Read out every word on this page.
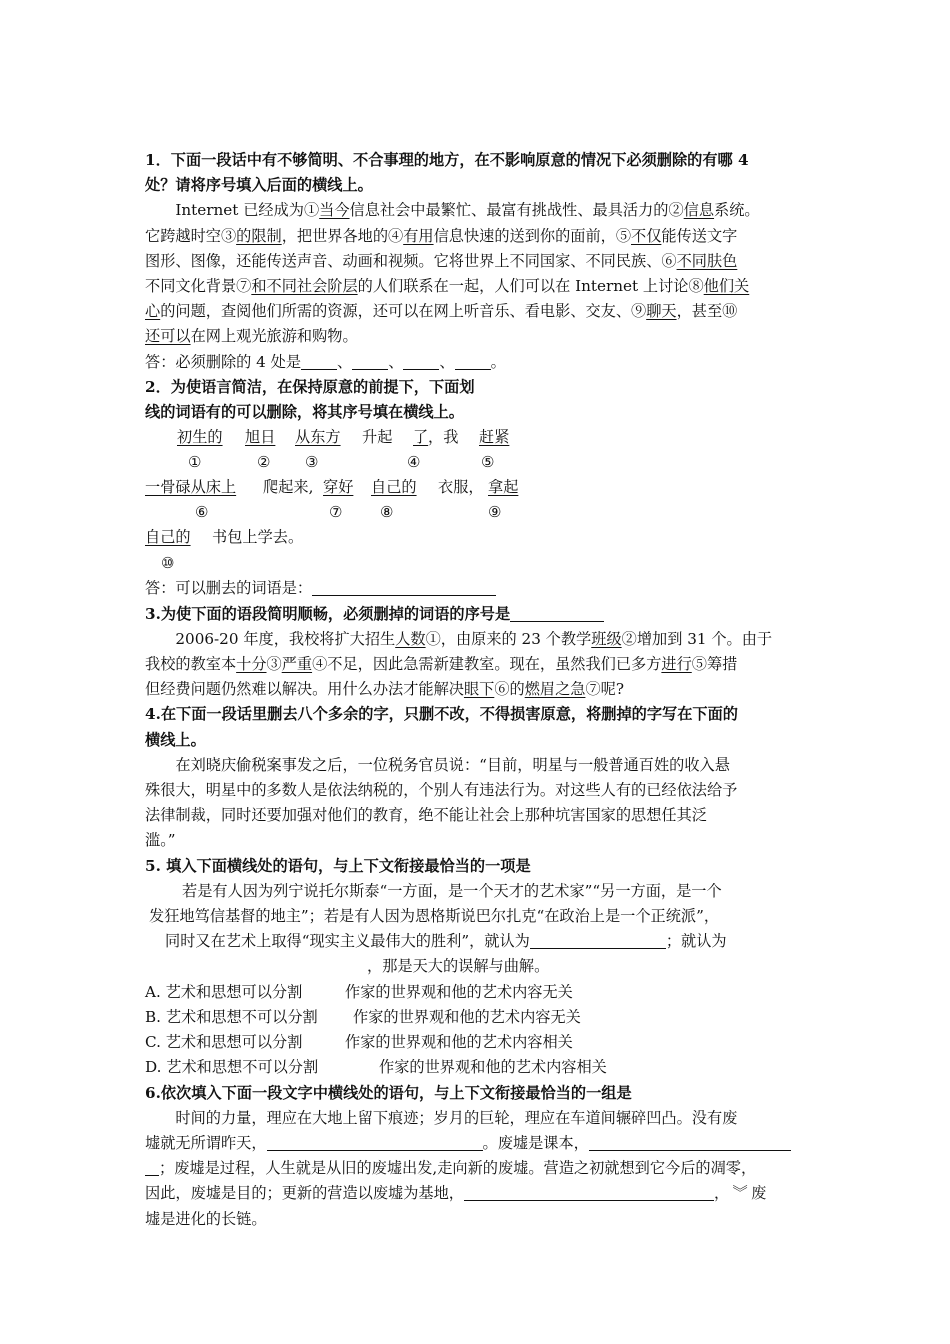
1．下面一段话中有不够简明、不合事理的地方，在不影响原意的情况下必须删除的有哪 4
处？请将序号填入后面的横线上。
Internet 已经成为①当今信息社会中最繁忙、最富有挑战性、最具活力的②信息系统。
它跨越时空③的限制，把世界各地的④有用信息快速的送到你的面前，⑤不仅能传送文字
图形、图像，还能传送声音、动画和视频。它将世界上不同国家、不同民族、⑥不同肤色
不同文化背景⑦和不同社会阶层的人们联系在一起，人们可以在 Internet 上讨论⑧他们关
心的问题，查阅他们所需的资源，还可以在网上听音乐、看电影、交友、⑨聊天，甚至⑩
还可以在网上观光旅游和购物。
答：必须删除的 4 处是 、 、 、 。
2．为使语言简洁，在保持原意的前提下，下面划
线的词语有的可以删除，将其序号填在横线上。
初生的 旭日 从东方 升起 了 ，我 赶紧
①	② ③	④	⑤
一骨碌从床上 爬起来, 穿好 自己的 衣服， 拿起
⑥	⑦ ⑧	⑨
自己的 书包上学去。
⑩
答：可以删去的词语是：
3.为使下面的语段简明顺畅，必须删掉的词语的序号是
2006-20 年度，我校将扩大招生人数①，由原来的 23 个教学班级②增加到 31 个。由于
我校的教室本十分③严重④不足，因此急需新建教室。现在，虽然我们已多方进行⑤筹措
但经费问题仍然难以解决。用什么办法才能解决眼下⑥的燃眉之急⑦呢?
4.在下面一段话里删去八个多余的字，只删不改，不得损害原意，将删掉的字写在下面的
横线上。
在刘晓庆偷税案事发之后，一位税务官员说：“目前，明星与一般普通百姓的收入悬
殊很大，明星中的多数人是依法纳税的，个别人有违法行为。对这些人有的已经依法给予
法律制裁，同时还要加强对他们的教育，绝不能让社会上那种坑害国家的思想任其泛
滥。”
5. 填入下面横线处的语句，与上下文衔接最恰当的一项是
若是有人因为列宁说托尔斯泰“一方面，是一个天才的艺术家”“另一方面，是一个
发狂地笃信基督的地主”；若是有人因为恩格斯说巴尔扎克“在政治上是一个正统派”，
同时又在艺术上取得“现实主义最伟大的胜利”，就认为	；就认为
，那是天大的误解与曲解。
A. 艺术和思想可以分割	作家的世界观和他的艺术内容无关
B. 艺术和思想不可以分割 作家的世界观和他的艺术内容无关
C. 艺术和思想可以分割	作家的世界观和他的艺术内容相关
D. 艺术和思想不可以分割	作家的世界观和他的艺术内容相关
6.依次填入下面一段文字中横线处的语句，与上下文衔接最恰当的一组是
时间的力量，理应在大地上留下痕迹；岁月的巨轮，理应在车道间辗碎凹凸。没有废
墟就无所谓昨天，	。废墟是课本，
；废墟是过程，人生就是从旧的废墟出发,走向新的废墟。营造之初就想到它今后的凋零，
因此，废墟是目的；更新的营造以废墟为基地，	， ︾ 废
墟是进化的长链。
